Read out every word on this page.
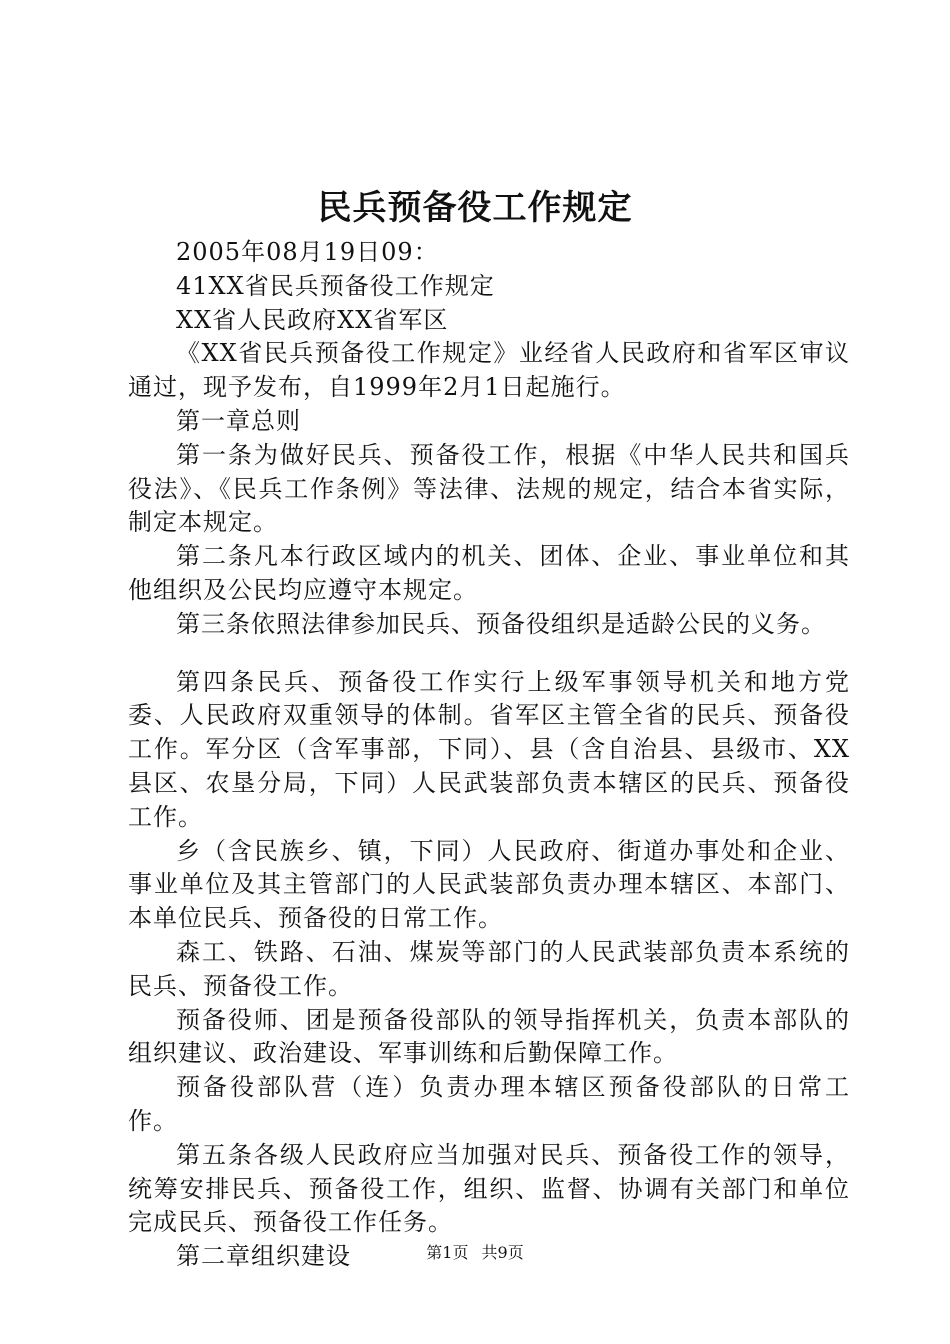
民兵预备役工作规定

2005年08月19日09：

41XX省民兵预备役工作规定

XX省人民政府XX省军区

《XX省民兵预备役工作规定》业经省人民政府和省军区审议通过，现予发布，自1999年2月1日起施行。

第一章总则

第一条为做好民兵、预备役工作，根据《中华人民共和国兵役法》、《民兵工作条例》等法律、法规的规定，结合本省实际，制定本规定。

第二条凡本行政区域内的机关、团体、企业、事业单位和其他组织及公民均应遵守本规定。

第三条依照法律参加民兵、预备役组织是适龄公民的义务。

第四条民兵、预备役工作实行上级军事领导机关和地方党委、人民政府双重领导的体制。省军区主管全省的民兵、预备役工作。军分区（含军事部，下同）、县（含自治县、县级市、XX县区、农垦分局，下同）人民武装部负责本辖区的民兵、预备役工作。

乡（含民族乡、镇，下同）人民政府、街道办事处和企业、事业单位及其主管部门的人民武装部负责办理本辖区、本部门、本单位民兵、预备役的日常工作。

森工、铁路、石油、煤炭等部门的人民武装部负责本系统的民兵、预备役工作。

预备役师、团是预备役部队的领导指挥机关，负责本部队的组织建议、政治建设、军事训练和后勤保障工作。

预备役部队营（连）负责办理本辖区预备役部队的日常工作。

第五条各级人民政府应当加强对民兵、预备役工作的领导，统筹安排民兵、预备役工作，组织、监督、协调有关部门和单位完成民兵、预备役工作任务。

第二章组织建设	第1页 共9页
